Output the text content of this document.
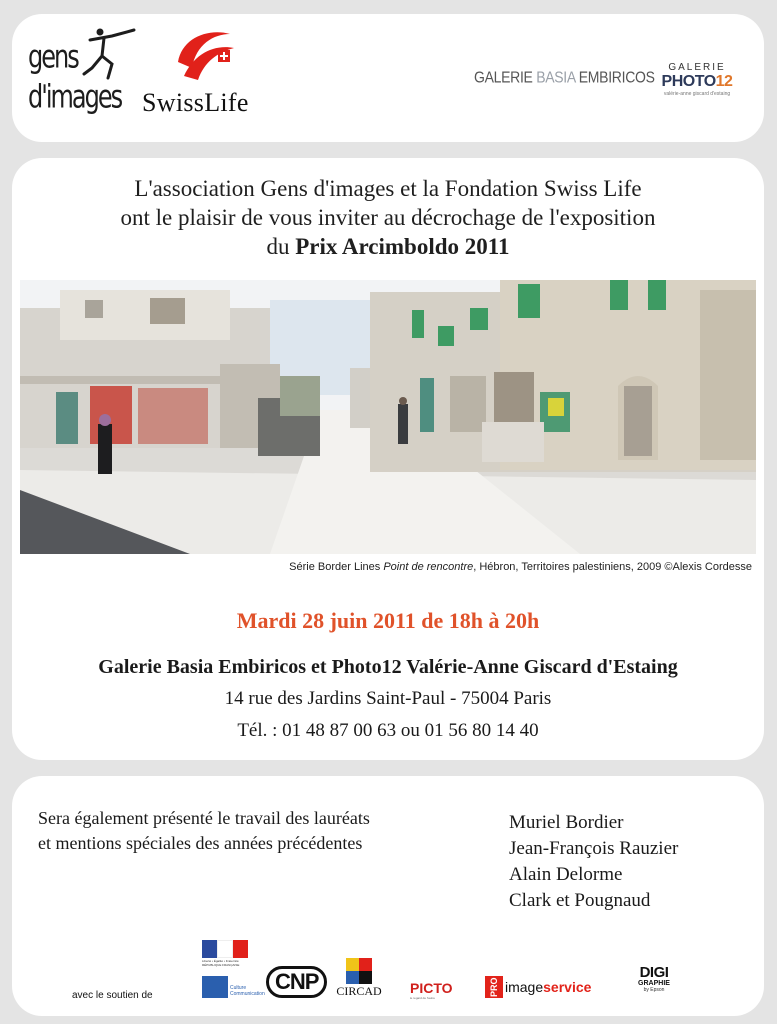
gens
d'images SwissLife
GALERIE BASIA EMBIRICOS
GALERIE
PHOTO12
valérie-anne giscard d'estaing
L'association Gens d'images et la Fondation Swiss Life
ont le plaisir de vous inviter au décrochage de l'exposition
du Prix Arcimboldo 2011
Série Border Lines Point de rencontre, Hébron, Territoires palestiniens, 2009 ©Alexis Cordesse
Mardi 28 juin 2011 de 18h à 20h
Galerie Basia Embiricos et Photo12 Valérie-Anne Giscard d'Estaing
14 rue des Jardins Saint-Paul - 75004 Paris
Tél. : 01 48 87 00 63 ou 01 56 80 14 40
Sera également présenté le travail des lauréats
et mentions spéciales des années précédentes
Muriel Bordier
Jean-François Rauzier
Alain Delorme
Clark et Pougnaud
avec le soutien de
Liberté • Égalité • Fraternité RÉPUBLIQUE FRANÇAISE
Culture
Communication CNP	CIRCAD PICTO
le regard de l'autre
PRO imageservice
DIGI
GRAPHIE
by Epson
